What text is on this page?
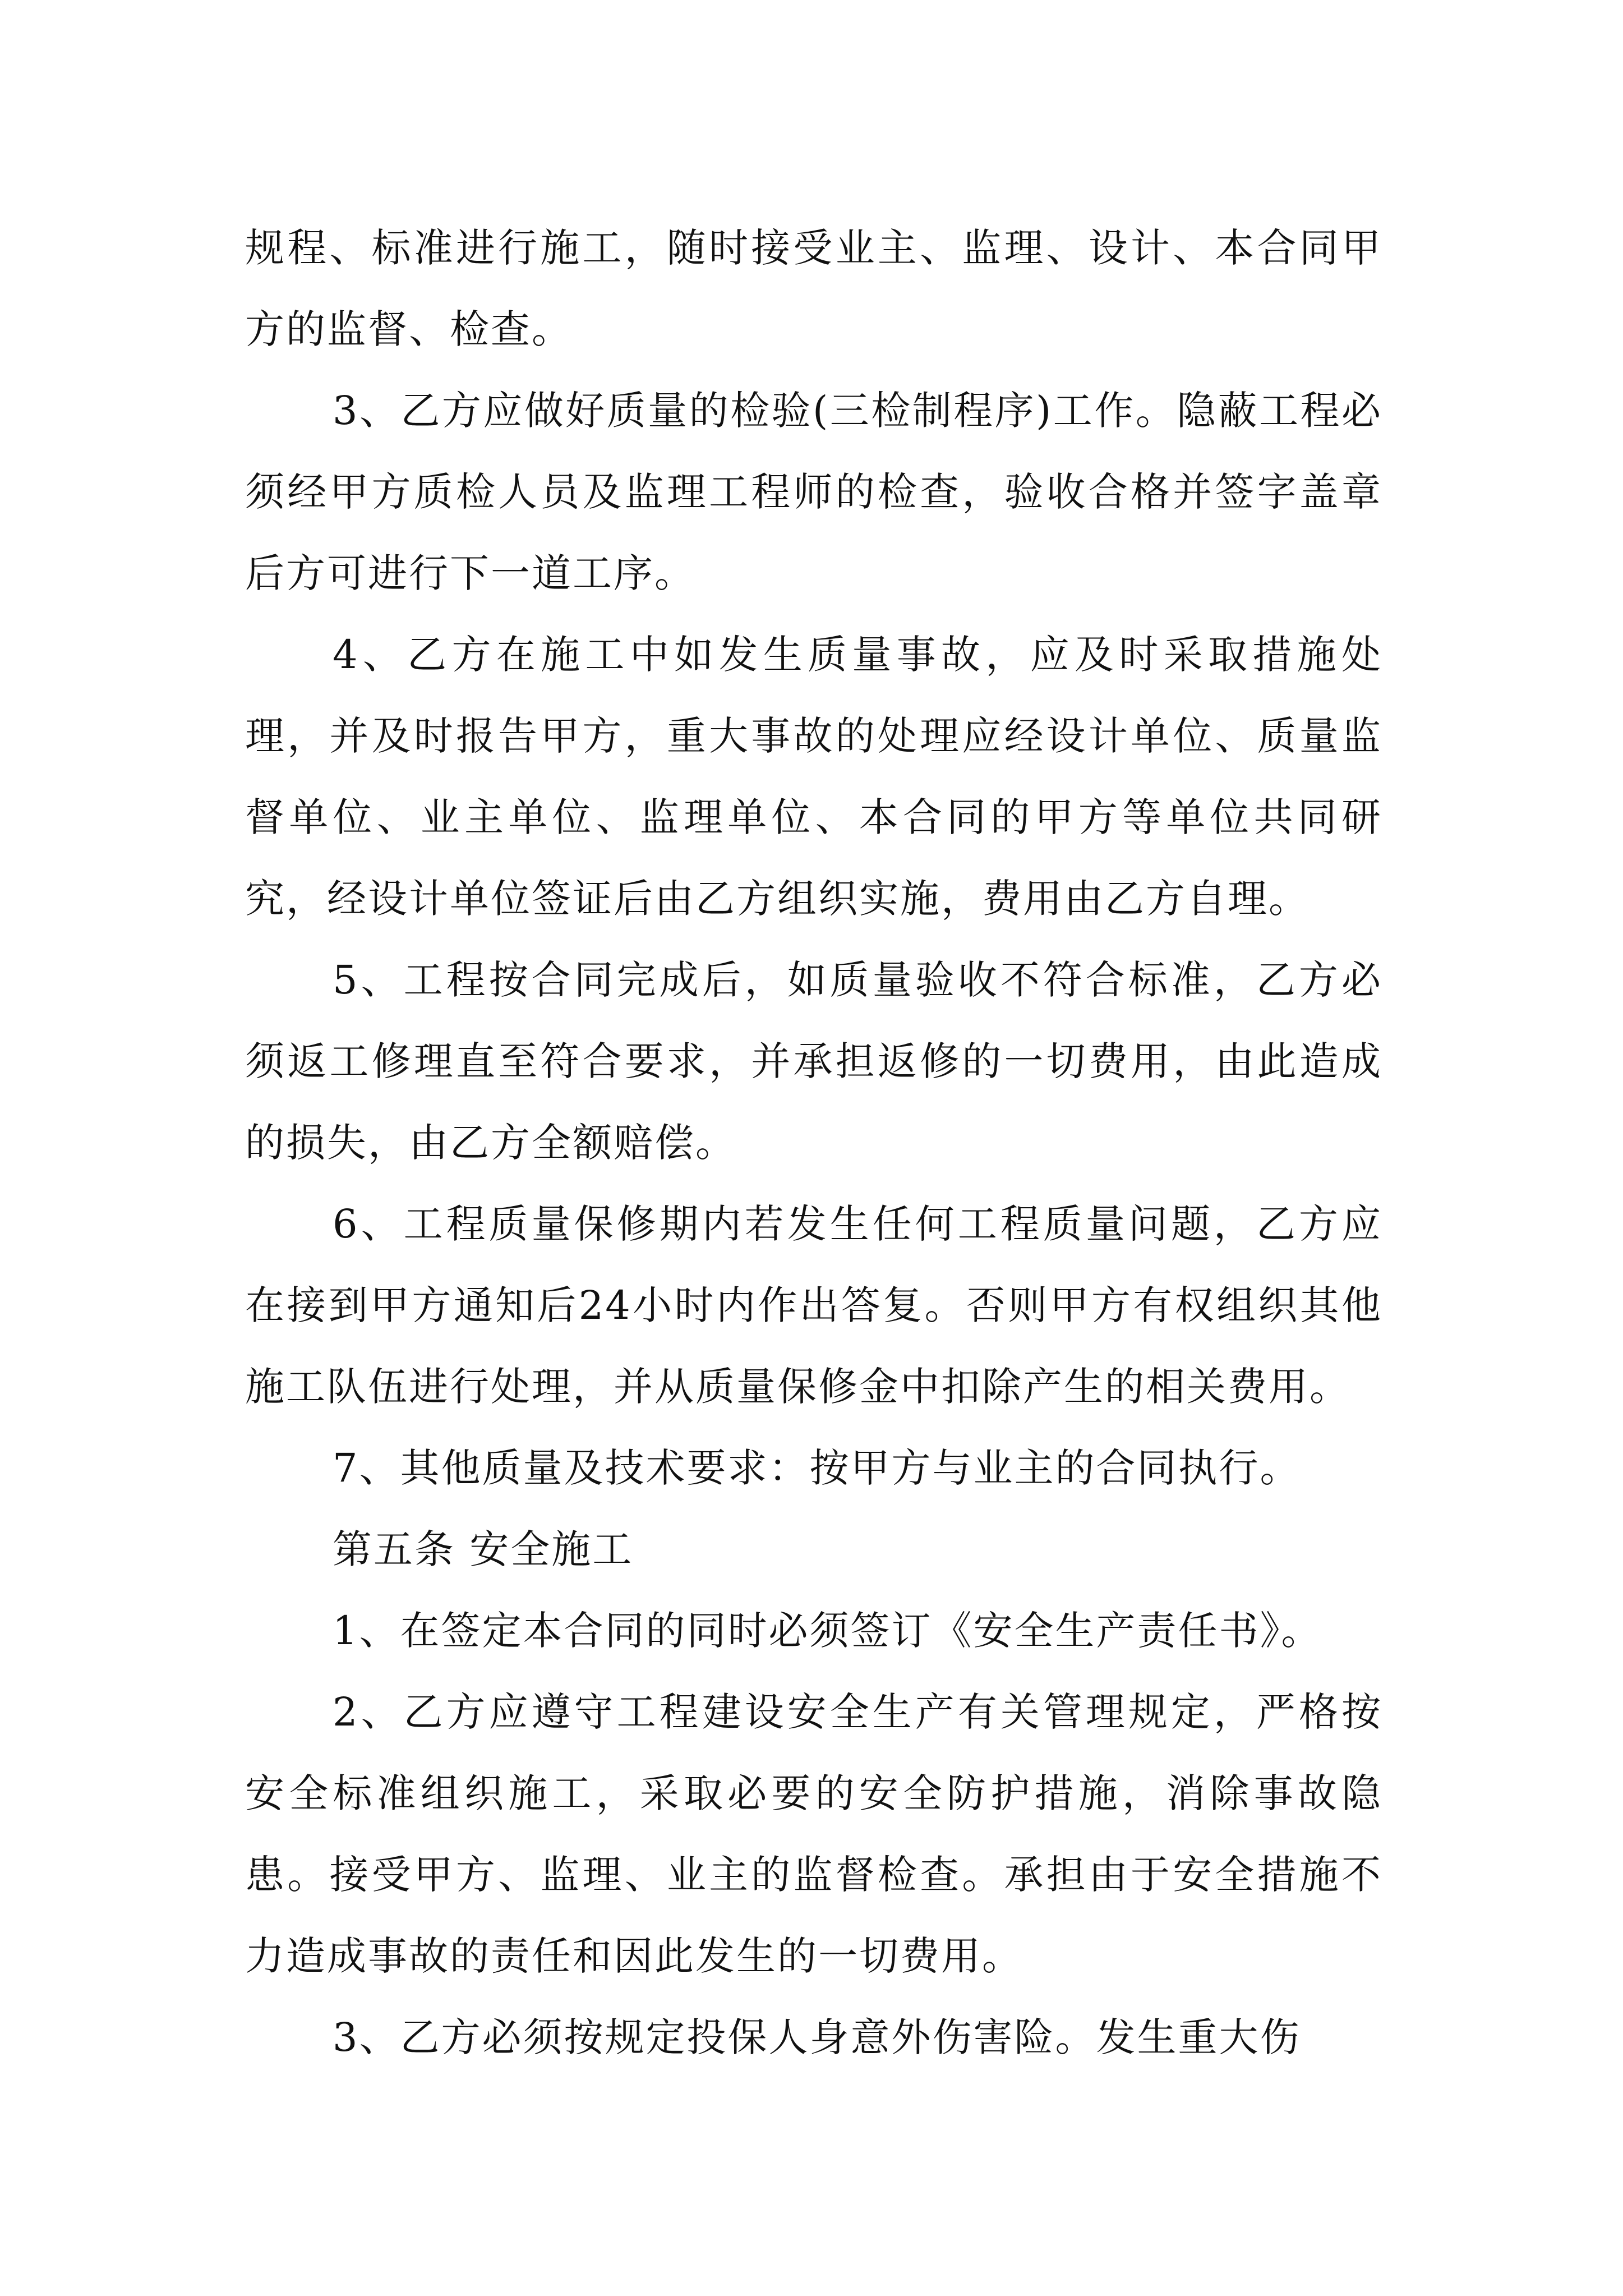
规程、标准进行施工，随时接受业主、监理、设计、本合同甲方的监督、检查。

3、乙方应做好质量的检验(三检制程序)工作。隐蔽工程必须经甲方质检人员及监理工程师的检查，验收合格并签字盖章后方可进行下一道工序。

4、乙方在施工中如发生质量事故，应及时采取措施处理，并及时报告甲方，重大事故的处理应经设计单位、质量监督单位、业主单位、监理单位、本合同的甲方等单位共同研究，经设计单位签证后由乙方组织实施，费用由乙方自理。

5、工程按合同完成后，如质量验收不符合标准，乙方必须返工修理直至符合要求，并承担返修的一切费用，由此造成的损失，由乙方全额赔偿。

6、工程质量保修期内若发生任何工程质量问题，乙方应在接到甲方通知后24小时内作出答复。否则甲方有权组织其他施工队伍进行处理，并从质量保修金中扣除产生的相关费用。

7、其他质量及技术要求：按甲方与业主的合同执行。

第五条 安全施工

1、在签定本合同的同时必须签订《安全生产责任书》。

2、乙方应遵守工程建设安全生产有关管理规定，严格按安全标准组织施工，采取必要的安全防护措施，消除事故隐患。接受甲方、监理、业主的监督检查。承担由于安全措施不力造成事故的责任和因此发生的一切费用。

3、乙方必须按规定投保人身意外伤害险。发生重大伤
